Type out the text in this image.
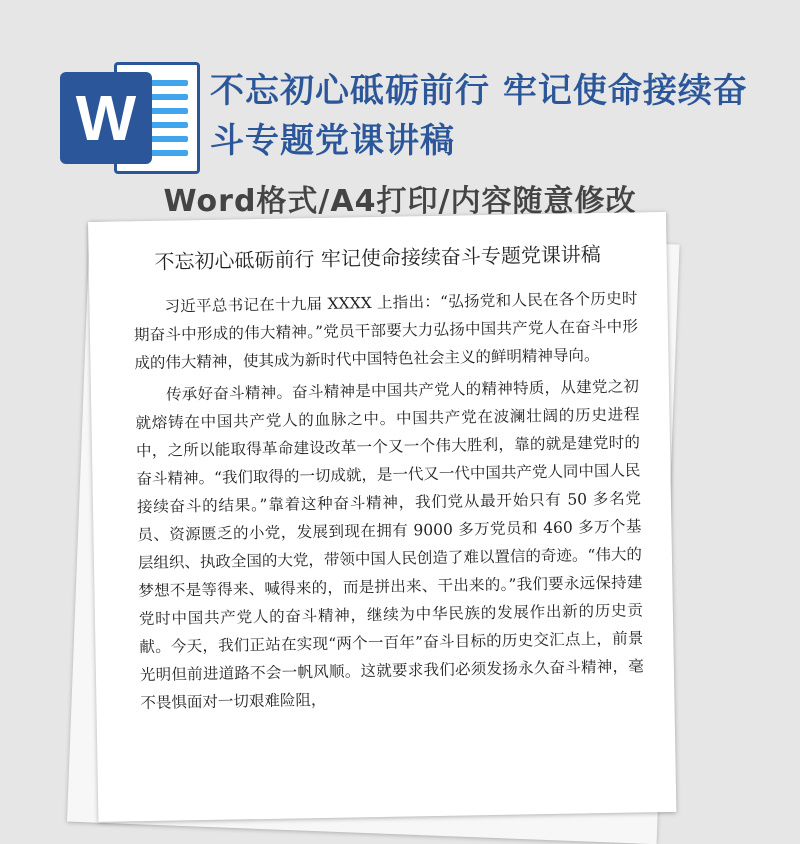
W	不忘初心砥砺前行 牢记使命接续奋斗专题党课讲稿
Word格式/A4打印/内容随意修改
不忘初心砥砺前行 牢记使命接续奋斗专题党课讲稿

习近平总书记在十九届 XXXX 上指出：“弘扬党和人民在各个历史时期奋斗中形成的伟大精神。”党员干部要大力弘扬中国共产党人在奋斗中形成的伟大精神，使其成为新时代中国特色社会主义的鲜明精神导向。

传承好奋斗精神。奋斗精神是中国共产党人的精神特质，从建党之初就熔铸在中国共产党人的血脉之中。中国共产党在波澜壮阔的历史进程中，之所以能取得革命建设改革一个又一个伟大胜利，靠的就是建党时的奋斗精神。“我们取得的一切成就，是一代又一代中国共产党人同中国人民接续奋斗的结果。”靠着这种奋斗精神，我们党从最开始只有 50 多名党员、资源匮乏的小党，发展到现在拥有 9000 多万党员和 460 多万个基层组织、执政全国的大党，带领中国人民创造了难以置信的奇迹。“伟大的梦想不是等得来、喊得来的，而是拼出来、干出来的。”我们要永远保持建党时中国共产党人的奋斗精神，继续为中华民族的发展作出新的历史贡献。今天，我们正站在实现“两个一百年”奋斗目标的历史交汇点上，前景光明但前进道路不会一帆风顺。这就要求我们必须发扬永久奋斗精神，毫不畏惧面对一切艰难险阻，
